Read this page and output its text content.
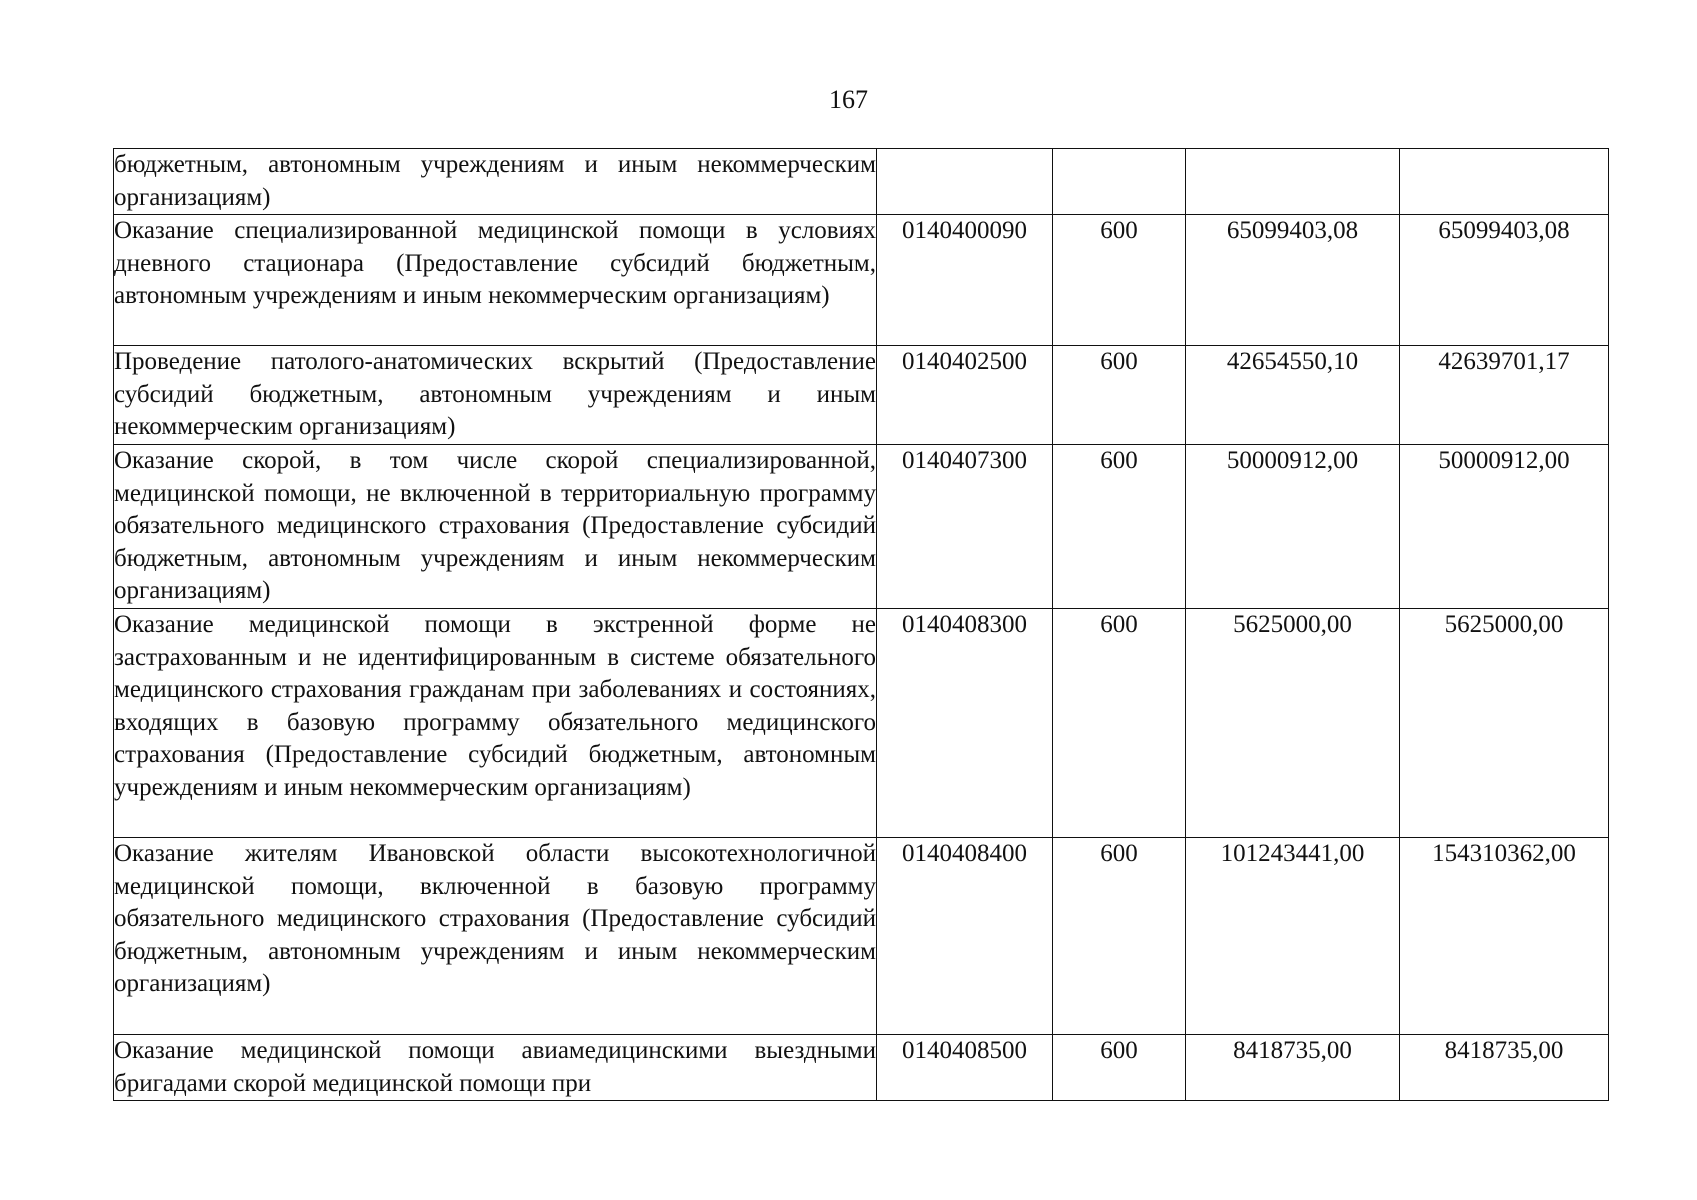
167
бюджетным, автономным учреждениям и иным некоммерческим организациям)				
Оказание специализированной медицинской помощи в условиях дневного стационара (Предоставление субсидий бюджетным, автономным учреждениям и иным некоммерческим организациям)	0140400090	600	65099403,08	65099403,08
Проведение патолого-анатомических вскрытий (Предоставление субсидий бюджетным, автономным учреждениям и иным некоммерческим организациям)	0140402500	600	42654550,10	42639701,17
Оказание скорой, в том числе скорой специализированной, медицинской помощи, не включенной в территориальную программу обязательного медицинского страхования (Предоставление субсидий бюджетным, автономным учреждениям и иным некоммерческим организациям)	0140407300	600	50000912,00	50000912,00
Оказание медицинской помощи в экстренной форме не застрахованным и не идентифицированным в системе обязательного медицинского страхования гражданам при заболеваниях и состояниях, входящих в базовую программу обязательного медицинского страхования (Предоставление субсидий бюджетным, автономным учреждениям и иным некоммерческим организациям)	0140408300	600	5625000,00	5625000,00
Оказание жителям Ивановской области высокотехнологичной медицинской помощи, включенной в базовую программу обязательного медицинского страхования (Предоставление субсидий бюджетным, автономным учреждениям и иным некоммерческим организациям)	0140408400	600	101243441,00	154310362,00
Оказание медицинской помощи авиамедицинскими выездными бригадами скорой медицинской помощи при	0140408500	600	8418735,00	8418735,00
